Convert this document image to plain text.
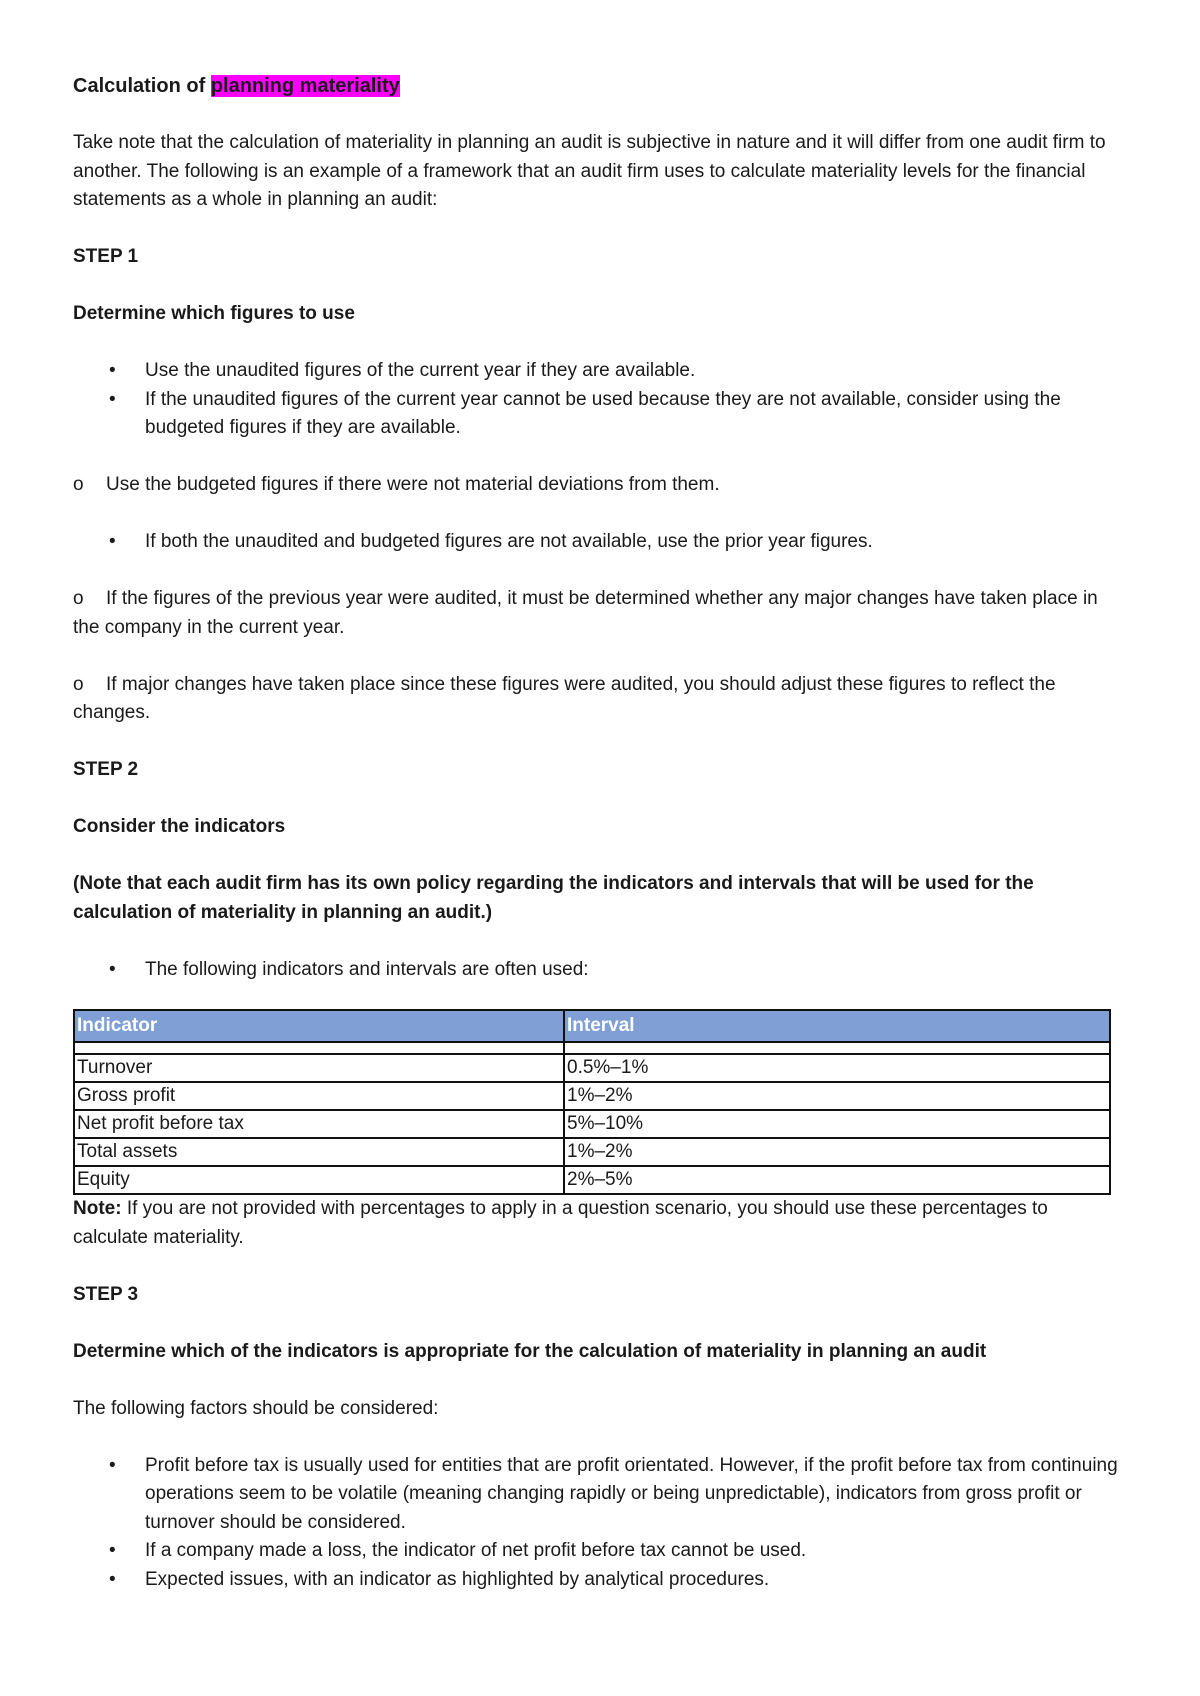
Calculation of planning materiality

Take note that the calculation of materiality in planning an audit is subjective in nature and it will differ from one audit firm to another. The following is an example of a framework that an audit firm uses to calculate materiality levels for the financial statements as a whole in planning an audit:

STEP 1

Determine which figures to use

• Use the unaudited figures of the current year if they are available.
• If the unaudited figures of the current year cannot be used because they are not available, consider using the budgeted figures if they are available.

o Use the budgeted figures if there were not material deviations from them.

• If both the unaudited and budgeted figures are not available, use the prior year figures.

o If the figures of the previous year were audited, it must be determined whether any major changes have taken place in the company in the current year.

o If major changes have taken place since these figures were audited, you should adjust these figures to reflect the changes.

STEP 2

Consider the indicators

(Note that each audit firm has its own policy regarding the indicators and intervals that will be used for the calculation of materiality in planning an audit.)

• The following indicators and intervals are often used:
Indicator	Interval

Turnover	0.5%–1%
Gross profit	1%–2%
Net profit before tax	5%–10%
Total assets	1%–2%
Equity	2%–5%

Note: If you are not provided with percentages to apply in a question scenario, you should use these percentages to calculate materiality.

STEP 3

Determine which of the indicators is appropriate for the calculation of materiality in planning an audit

The following factors should be considered:

• Profit before tax is usually used for entities that are profit orientated. However, if the profit before tax from continuing operations seem to be volatile (meaning changing rapidly or being unpredictable), indicators from gross profit or turnover should be considered.
• If a company made a loss, the indicator of net profit before tax cannot be used.
• Expected issues, with an indicator as highlighted by analytical procedures.
